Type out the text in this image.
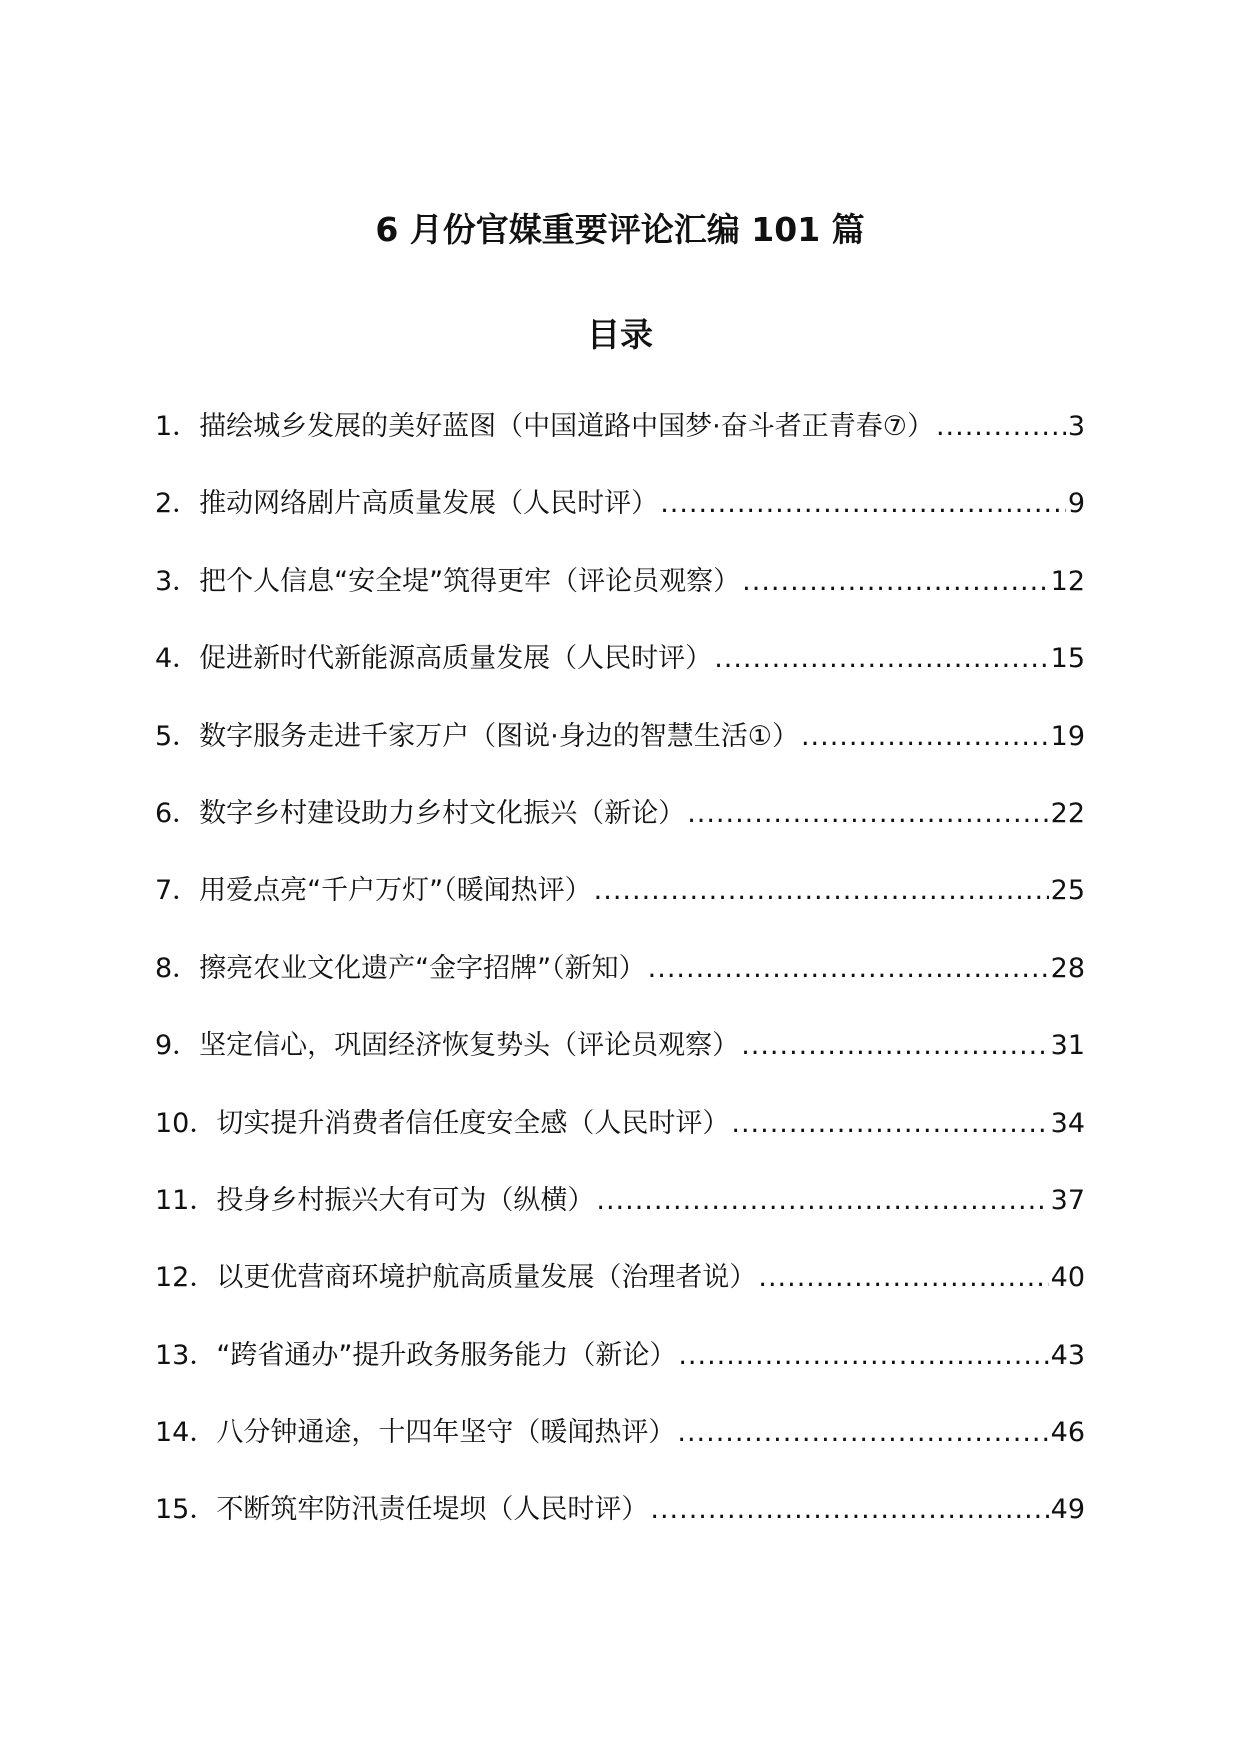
6 月份官媒重要评论汇编 101 篇
目录
1．描绘城乡发展的美好蓝图（中国道路中国梦·奋斗者正青春⑦） .....	3
2．推动网络剧片高质量发展（人民时评） .....	9
3．把个人信息“安全堤”筑得更牢（评论员观察） .....	12
4．促进新时代新能源高质量发展（人民时评） .....	15
5．数字服务走进千家万户（图说·身边的智慧生活①） .....	19
6．数字乡村建设助力乡村文化振兴（新论） .....	22
7．用爱点亮“千户万灯”（暖闻热评） .....	25
8．擦亮农业文化遗产“金字招牌”（新知） .....	28
9．坚定信心，巩固经济恢复势头（评论员观察） .....	31
10．切实提升消费者信任度安全感（人民时评） .....	34
11．投身乡村振兴大有可为（纵横） .....	37
12．以更优营商环境护航高质量发展（治理者说） .....	40
13．“跨省通办”提升政务服务能力（新论） .....	43
14．八分钟通途，十四年坚守（暖闻热评） .....	46
15．不断筑牢防汛责任堤坝（人民时评） .....	49
